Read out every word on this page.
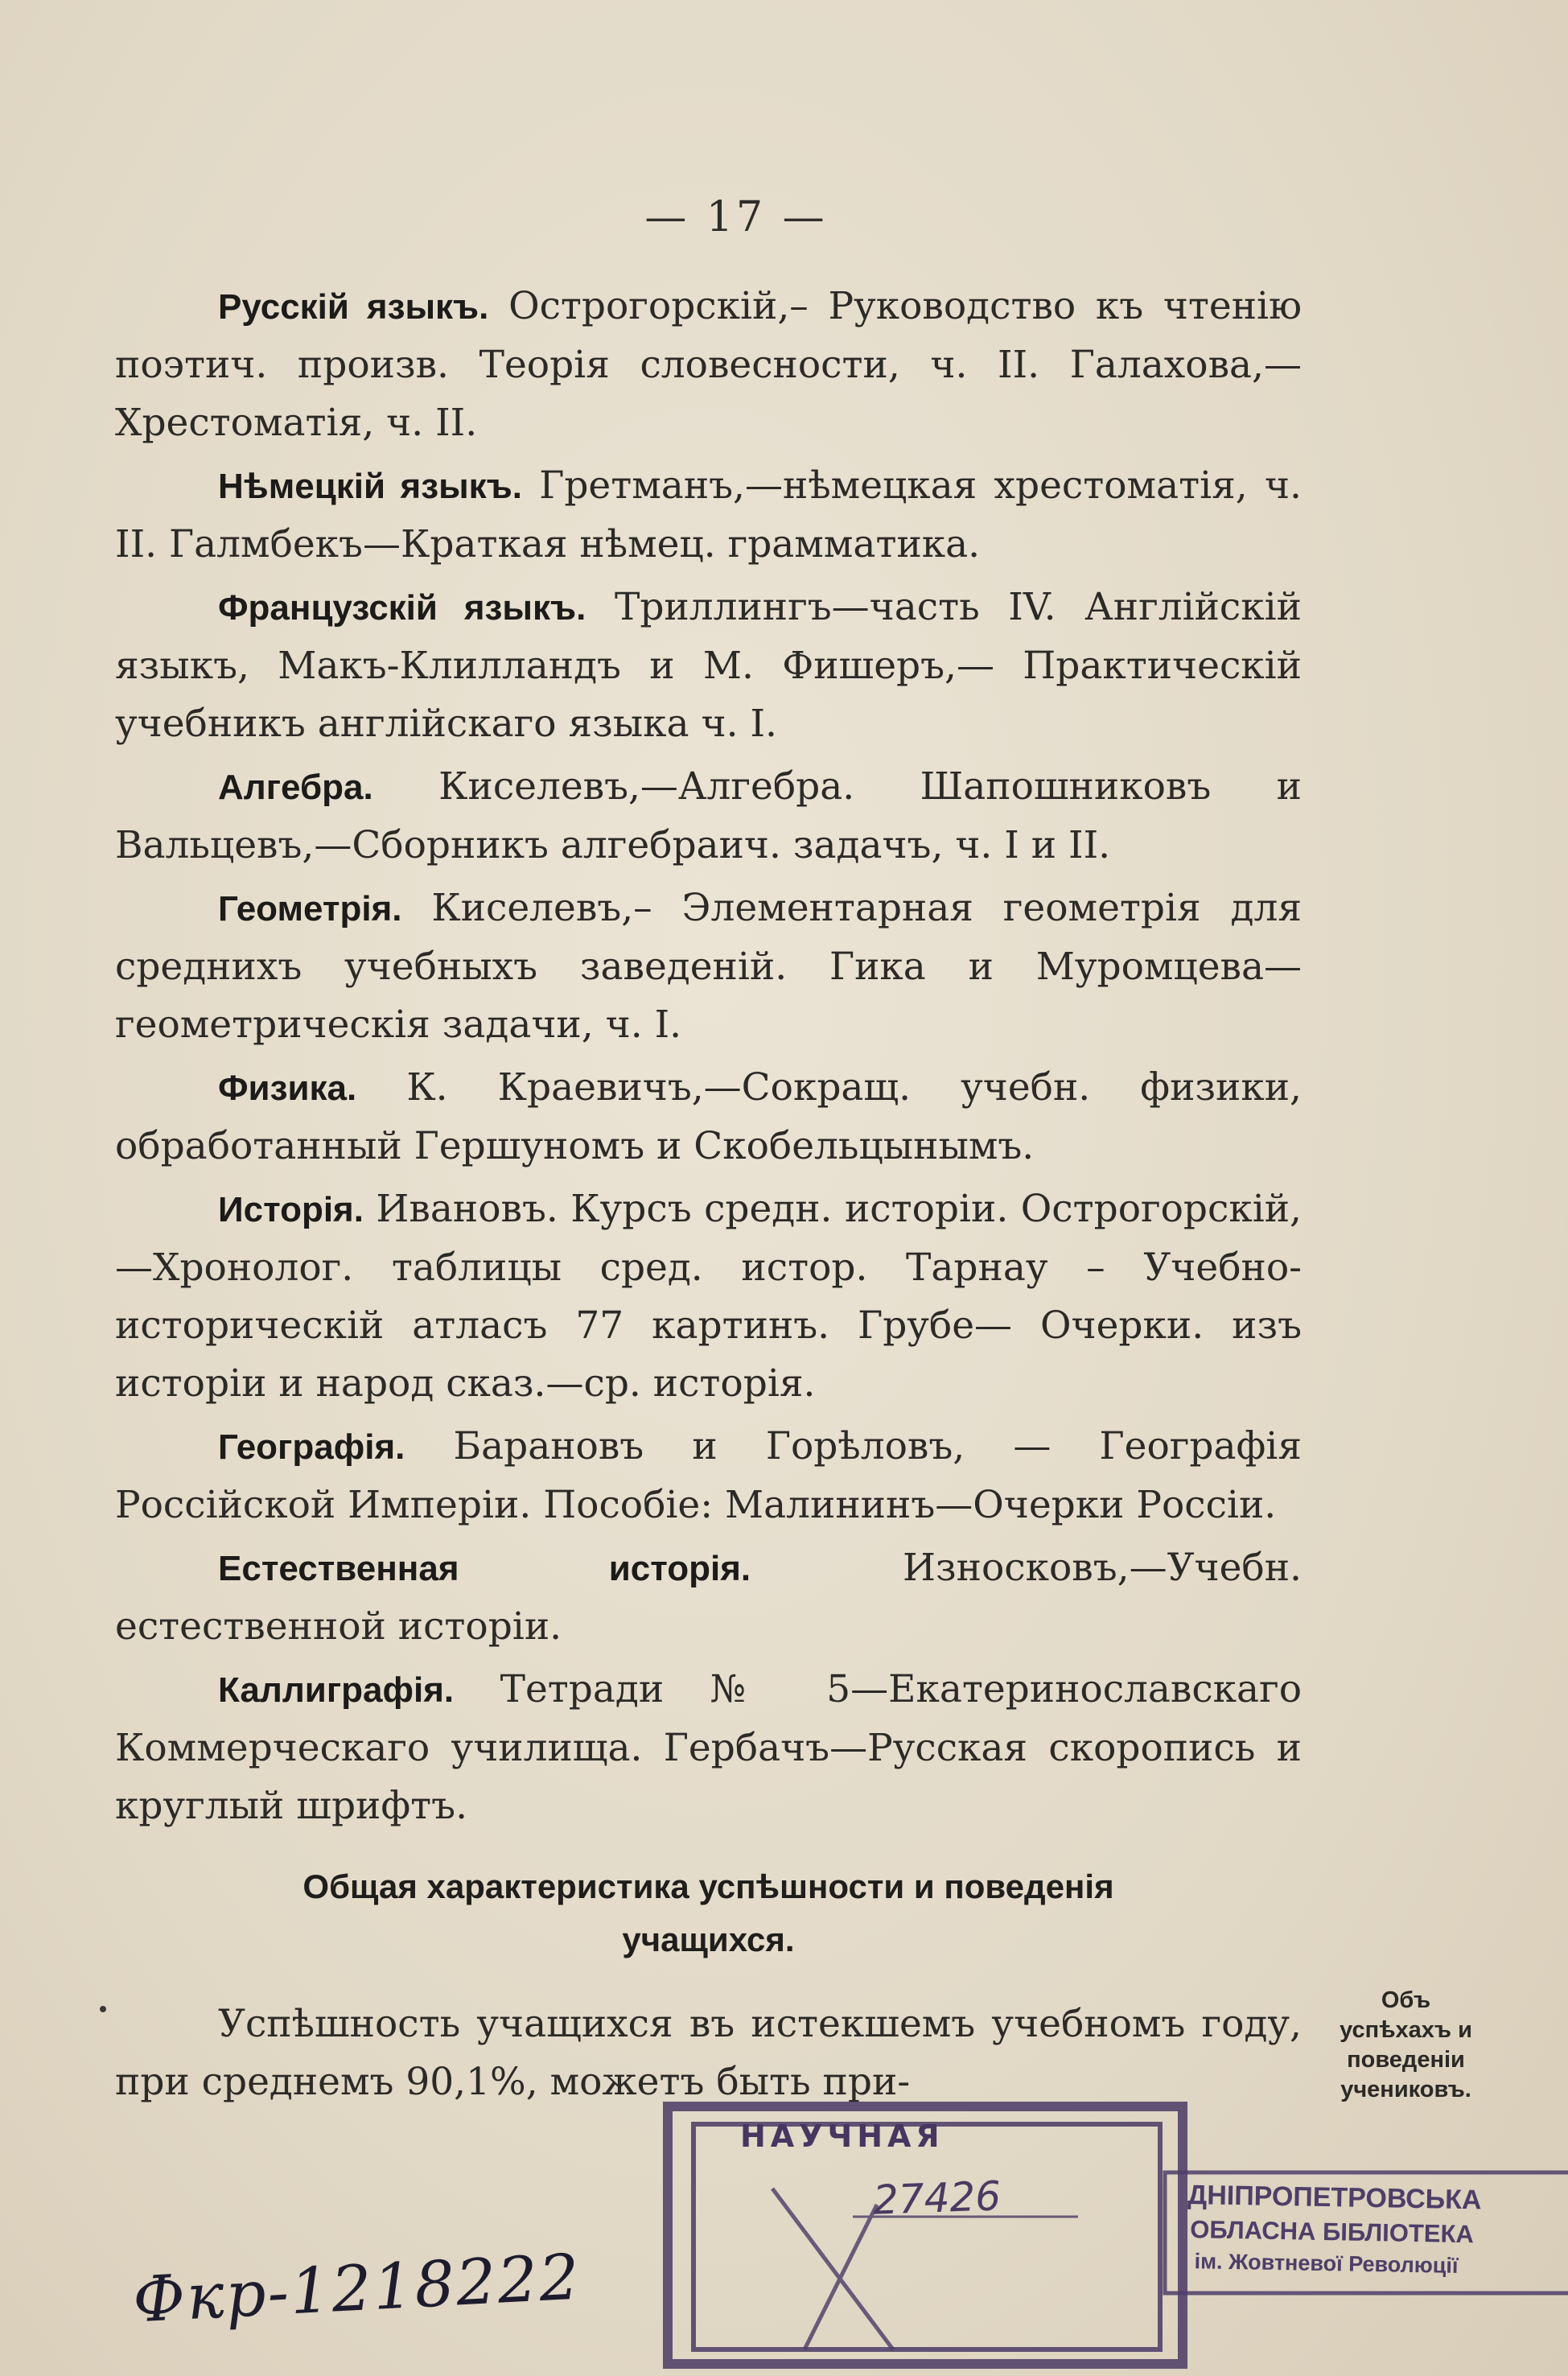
— 17 —

Русскій языкъ. Острогорскій,– Руководство къ чтенію поэтич. произв. Теорія словесности, ч. II. Галахова,—Хрестоматія, ч. II.

Нѣмецкій языкъ. Гретманъ,—нѣмецкая хрестоматія, ч. II. Галмбекъ—Краткая нѣмец. грамматика.

Французскій языкъ. Триллингъ—часть IV. Англійскій языкъ, Макъ-Клилландъ и М. Фишеръ,— Практическій учебникъ англійскаго языка ч. I.

Алгебра. Киселевъ,—Алгебра. Шапошниковъ и Вальцевъ,—Сборникъ алгебраич. задачъ, ч. I и II.

Геометрія. Киселевъ,– Элементарная геометрія для среднихъ учебныхъ заведеній. Гика и Муромцева—геометрическія задачи, ч. I.

Физика. К. Краевичъ,—Сокращ. учебн. физики, обработанный Гершуномъ и Скобельцынымъ.

Исторія. Ивановъ. Курсъ средн. исторіи. Острогорскій,—Хронолог. таблицы сред. истор. Тарнау – Учебно-историческій атласъ 77 картинъ. Грубе— Очерки. изъ исторіи и народ сказ.—ср. исторія.

Географія. Барановъ и Горѣловъ, — Географія Россійской Имперіи. Пособіе: Малининъ—Очерки Россіи.

Естественная исторія.	Износковъ,—Учебн. естественной исторіи.

Каллиграфія. Тетради № 5—Екатеринославскаго Коммерческаго училища. Гербачъ—Русская скоропись и круглый шрифтъ.

Общая характеристика успѣшности и поведенія
учащихся.
Успѣшность учащихся въ истекшемъ учебномъ году, при среднемъ 90,1%, можетъ быть при-
Объ
успѣхахъ и
поведеніи
учениковъ.
НАУЧНАЯ
27426	ДНІПРОПЕТРОВСЬКА
ОБЛАСНА БІБЛІОТЕКА
ім. Жовтневої Революції
Фкр-1218222
